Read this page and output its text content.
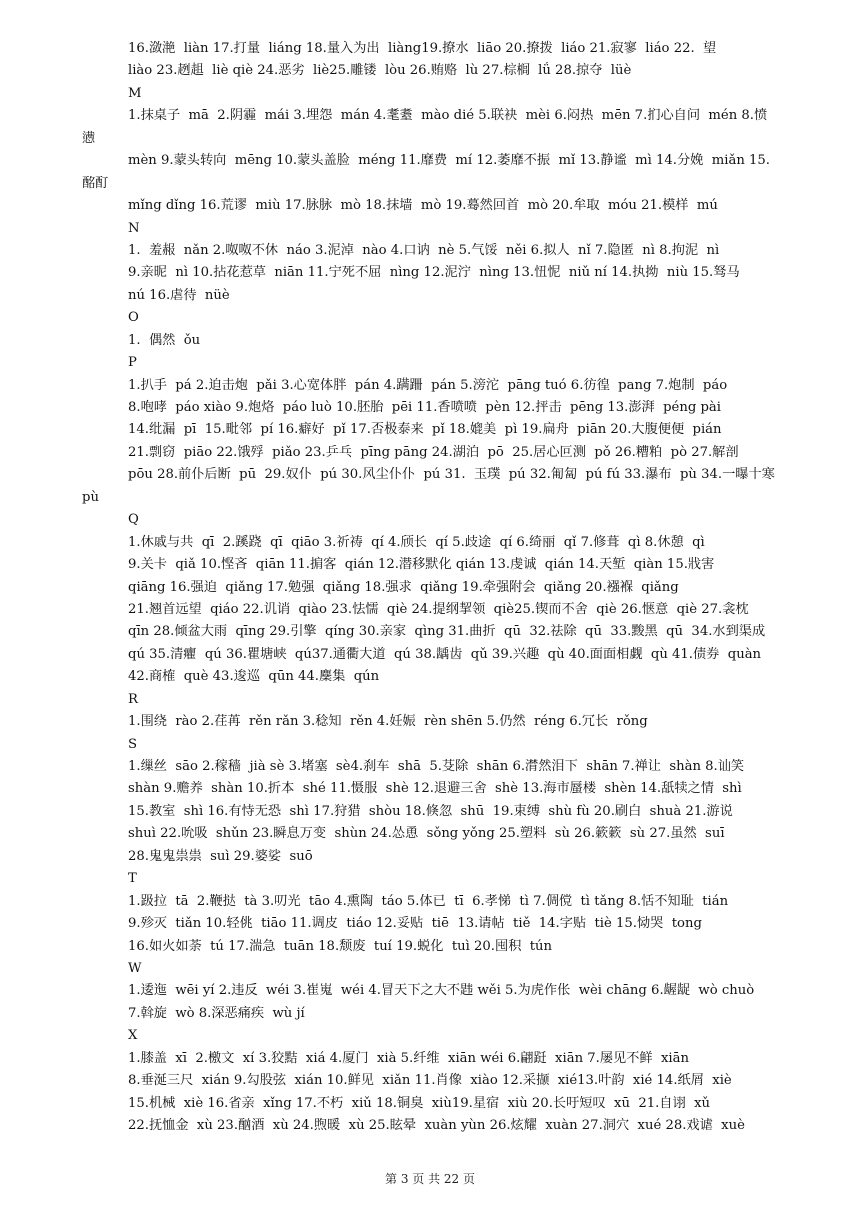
16.潋滟  liàn 17.打量  liáng 18.量入为出  liàng19.撩水  liāo 20.撩拨  liáo 21.寂寥  liáo 22.  望
liào 23.趔趄  liè qiè 24.恶劣  liè25.雕镂  lòu 26.贿赂  lù 27.棕榈  lǘ 28.掠夺  lüè
M
1.抹桌子  mā  2.阴霾  mái 3.埋怨  mán 4.耄耋  mào dié 5.联袂  mèi 6.闷热  mēn 7.扪心自问  mén 8.愤
懑
mèn 9.蒙头转向  mēng 10.蒙头盖脸  méng 11.靡费  mí 12.萎靡不振  mǐ 13.静谧  mì 14.分娩  miǎn 15.
酩酊
mǐng dǐng 16.荒谬  miù 17.脉脉  mò 18.抹墙  mò 19.蓦然回首  mò 20.牟取  móu 21.模样  mú
N
1.  羞赧  nǎn 2.呶呶不休  náo 3.泥淖  nào 4.口讷  nè 5.气馁  něi 6.拟人  nǐ 7.隐匿  nì 8.拘泥  nì
9.亲昵  nì 10.拈花惹草  niān 11.宁死不屈  nìng 12.泥泞  nìng 13.忸怩  niǔ ní 14.执拗  niù 15.驽马
nú 16.虐待  nüè
O
1.  偶然  ǒu
P
1.扒手  pá 2.迫击炮  pǎi 3.心宽体胖  pán 4.蹒跚  pán 5.滂沱  pāng tuó 6.彷徨  pang 7.炮制  páo
8.咆哮  páo xiào 9.炮烙  páo luò 10.胚胎  pēi 11.香喷喷  pèn 12.抨击  pēng 13.澎湃  péng pài
14.纰漏  pī  15.毗邻  pí 16.癖好  pǐ 17.否极泰来  pǐ 18.媲美  pì 19.扁舟  piān 20.大腹便便  pián
21.剽窃  piāo 22.饿殍  piǎo 23.乒乓  pīng pāng 24.湖泊  pō  25.居心叵测  pǒ 26.糟粕  pò 27.解剖
pōu 28.前仆后断  pū  29.奴仆  pú 30.风尘仆仆  pú 31.  玉璞  pú 32.匍匐  pú fú 33.瀑布  pù 34.一曝十寒
pù
Q
1.休戚与共  qī  2.蹊跷  qī  qiāo 3.祈祷  qí 4.颀长  qí 5.歧途  qí 6.绮丽  qǐ 7.修葺  qì 8.休憩  qì
9.关卡  qiǎ 10.悭吝  qiān 11.掮客  qián 12.潜移默化 qián 13.虔诚  qián 14.天堑  qiàn 15.戕害
qiāng 16.强迫  qiǎng 17.勉强  qiǎng 18.强求  qiǎng 19.牵强附会  qiǎng 20.襁褓  qiǎng
21.翘首远望  qiáo 22.讥诮  qiào 23.怯懦  qiè 24.提纲挈领  qiè25.锲而不舍  qiè 26.惬意  qiè 27.衾枕
qīn 28.倾盆大雨  qīng 29.引擎  qíng 30.亲家  qìng 31.曲折  qū  32.祛除  qū  33.黢黑  qū  34.水到渠成
qú 35.清癯  qú 36.瞿塘峡  qú37.通衢大道  qú 38.龋齿  qǔ 39.兴趣  qù 40.面面相觑  qù 41.债券  quàn
42.商榷  què 43.逡巡  qūn 44.麇集  qún
R
1.围绕  rào 2.荏苒  rěn rǎn 3.稔知  rěn 4.妊娠  rèn shēn 5.仍然  réng 6.冗长  rǒng
S
1.缫丝  sāo 2.稼穑  jià sè 3.堵塞  sè4.刹车  shā  5.芟除  shān 6.潸然泪下  shān 7.禅让  shàn 8.讪笑
shàn 9.赡养  shàn 10.折本  shé 11.慑服  shè 12.退避三舍  shè 13.海市蜃楼  shèn 14.舐犊之情  shì
15.教室  shì 16.有恃无恐  shì 17.狩猎  shòu 18.倏忽  shū  19.束缚  shù fù 20.刷白  shuà 21.游说
shuì 22.吮吸  shǔn 23.瞬息万变  shùn 24.怂恿  sǒng yǒng 25.塑料  sù 26.簌簌  sù 27.虽然  suī
28.鬼鬼祟祟  suì 29.婆娑  suō
T
1.趿拉  tā  2.鞭挞  tà 3.叨光  tāo 4.熏陶  táo 5.体已  tī  6.孝悌  tì 7.倜傥  tì tǎng 8.恬不知耻  tián
9.殄灭  tiǎn 10.轻佻  tiāo 11.调皮  tiáo 12.妥贴  tiē  13.请帖  tiě  14.字贴  tiè 15.恸哭  tong
16.如火如荼  tú 17.湍急  tuān 18.颓废  tuí 19.蜕化  tuì 20.囤积  tún
W
1.逶迤  wēi yí 2.违反  wéi 3.崔嵬  wéi 4.冒天下之大不韪 wěi 5.为虎作伥  wèi chāng 6.龌龊  wò chuò
7.斡旋  wò 8.深恶痛疾  wù jí
X
1.膝盖  xī  2.檄文  xí 3.狡黠  xiá 4.厦门  xià 5.纤维  xiān wéi 6.翩跹  xiān 7.屡见不鲜  xiān
8.垂涎三尺  xián 9.勾股弦  xián 10.鲜见  xiǎn 11.肖像  xiào 12.采撷  xié13.叶韵  xié 14.纸屑  xiè
15.机械  xiè 16.省亲  xǐng 17.不朽  xiǔ 18.铜臭  xiù19.星宿  xiù 20.长吁短叹  xū  21.自诩  xǔ
22.抚恤金  xù 23.酗酒  xù 24.煦暖  xù 25.眩晕  xuàn yùn 26.炫耀  xuàn 27.洞穴  xué 28.戏谑  xuè
第 3 页 共 22 页
